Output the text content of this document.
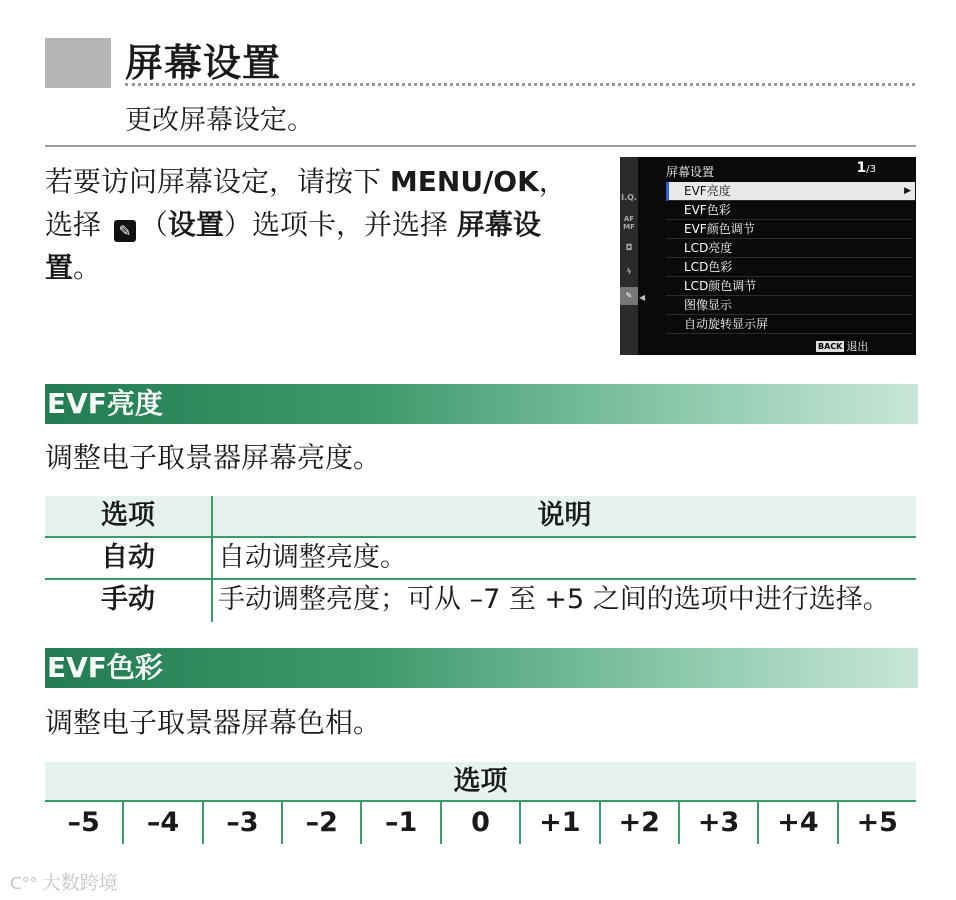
屏幕设置
更改屏幕设定。
若要访问屏幕设定，请按下 MENU/OK，选择 ✎ （设置）选项卡，并选择 屏幕设置。
I.Q.
AF MF
◘
ϟ
✎ ◀
屏幕设置	1/3
EVF亮度	▶
EVF色彩
EVF颜色调节
LCD亮度
LCD色彩
LCD颜色调节
图像显示
自动旋转显示屏
BACK 退出
EVF亮度
调整电子取景器屏幕亮度。
选项	说明
自动	自动调整亮度。
手动	手动调整亮度；可从 –7 至 +5 之间的选项中进行选择。
EVF色彩
调整电子取景器屏幕色相。
选项
–5	–4	–3	–2	–1	0	+1	+2	+3	+4	+5
ᑕ°° 大数跨境
